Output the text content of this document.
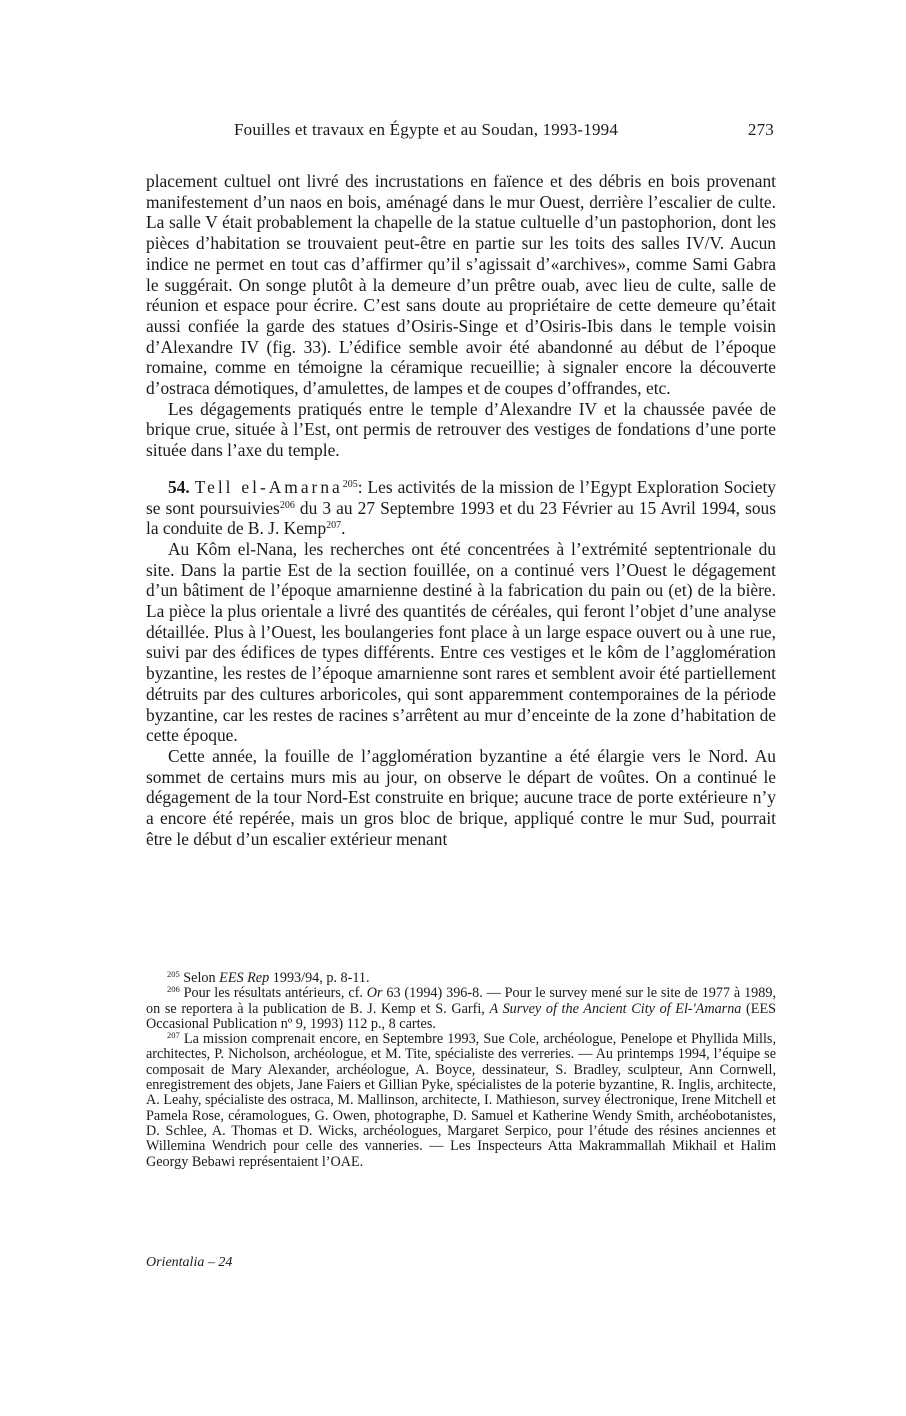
Fouilles et travaux en Égypte et au Soudan, 1993-1994	273

placement cultuel ont livré des incrustations en faïence et des débris en bois provenant manifestement d’un naos en bois, aménagé dans le mur Ouest, derrière l’escalier de culte. La salle V était probablement la chapelle de la statue cultuelle d’un pastophorion, dont les pièces d’habitation se trouvaient peut-être en partie sur les toits des salles IV/V. Aucun indice ne permet en tout cas d’affirmer qu’il s’agissait d’«archives», comme Sami Gabra le suggérait. On songe plutôt à la demeure d’un prêtre ouab, avec lieu de culte, salle de réunion et espace pour écrire. C’est sans doute au propriétaire de cette demeure qu’était aussi confiée la garde des statues d’Osiris-Singe et d’Osiris-Ibis dans le temple voisin d’Alexandre IV (fig. 33). L’édifice semble avoir été abandonné au début de l’époque romaine, comme en témoigne la céramique recueillie; à signaler encore la découverte d’ostraca démotiques, d’amulettes, de lampes et de coupes d’offrandes, etc.

Les dégagements pratiqués entre le temple d’Alexandre IV et la chaussée pavée de brique crue, située à l’Est, ont permis de retrouver des vestiges de fondations d’une porte située dans l’axe du temple.

54. Tell el-Amarna$^{205}$: Les activités de la mission de l’Egypt Exploration Society se sont poursuivies$^{206}$ du 3 au 27 Septembre 1993 et du 23 Février au 15 Avril 1994, sous la conduite de B. J. Kemp$^{207}$.

Au Kôm el-Nana, les recherches ont été concentrées à l’extrémité septentrionale du site. Dans la partie Est de la section fouillée, on a continué vers l’Ouest le dégagement d’un bâtiment de l’époque amarnienne destiné à la fabrication du pain ou (et) de la bière. La pièce la plus orientale a livré des quantités de céréales, qui feront l’objet d’une analyse détaillée. Plus à l’Ouest, les boulangeries font place à un large espace ouvert ou à une rue, suivi par des édifices de types différents. Entre ces vestiges et le kôm de l’agglomération byzantine, les restes de l’époque amarnienne sont rares et semblent avoir été partiellement détruits par des cultures arboricoles, qui sont apparemment contemporaines de la période byzantine, car les restes de racines s’arrêtent au mur d’enceinte de la zone d’habitation de cette époque.

Cette année, la fouille de l’agglomération byzantine a été élargie vers le Nord. Au sommet de certains murs mis au jour, on observe le départ de voûtes. On a continué le dégagement de la tour Nord-Est construite en brique; aucune trace de porte extérieure n’y a encore été repérée, mais un gros bloc de brique, appliqué contre le mur Sud, pourrait être le début d’un escalier extérieur menant

$^{205}$ Selon EES Rep 1993/94, p. 8-11.

$^{206}$ Pour les résultats antérieurs, cf. Or 63 (1994) 396-8. — Pour le survey mené sur le site de 1977 à 1989, on se reportera à la publication de B. J. Kemp et S. Garfi, A Survey of the Ancient City of El-'Amarna (EES Occasional Publication nº 9, 1993) 112 p., 8 cartes.

$^{207}$ La mission comprenait encore, en Septembre 1993, Sue Cole, archéologue, Penelope et Phyllida Mills, architectes, P. Nicholson, archéologue, et M. Tite, spécialiste des verreries. — Au printemps 1994, l’équipe se composait de Mary Alexander, archéologue, A. Boyce, dessinateur, S. Bradley, sculpteur, Ann Cornwell, enregistrement des objets, Jane Faiers et Gillian Pyke, spécialistes de la poterie byzantine, R. Inglis, architecte, A. Leahy, spécialiste des ostraca, M. Mallinson, architecte, I. Mathieson, survey électronique, Irene Mitchell et Pamela Rose, céramologues, G. Owen, photographe, D. Samuel et Katherine Wendy Smith, archéobotanistes, D. Schlee, A. Thomas et D. Wicks, archéologues, Margaret Serpico, pour l’étude des résines anciennes et Willemina Wendrich pour celle des vanneries. — Les Inspecteurs Atta Makrammallah Mikhail et Halim Georgy Bebawi représentaient l’OAE.

Orientalia – 24
